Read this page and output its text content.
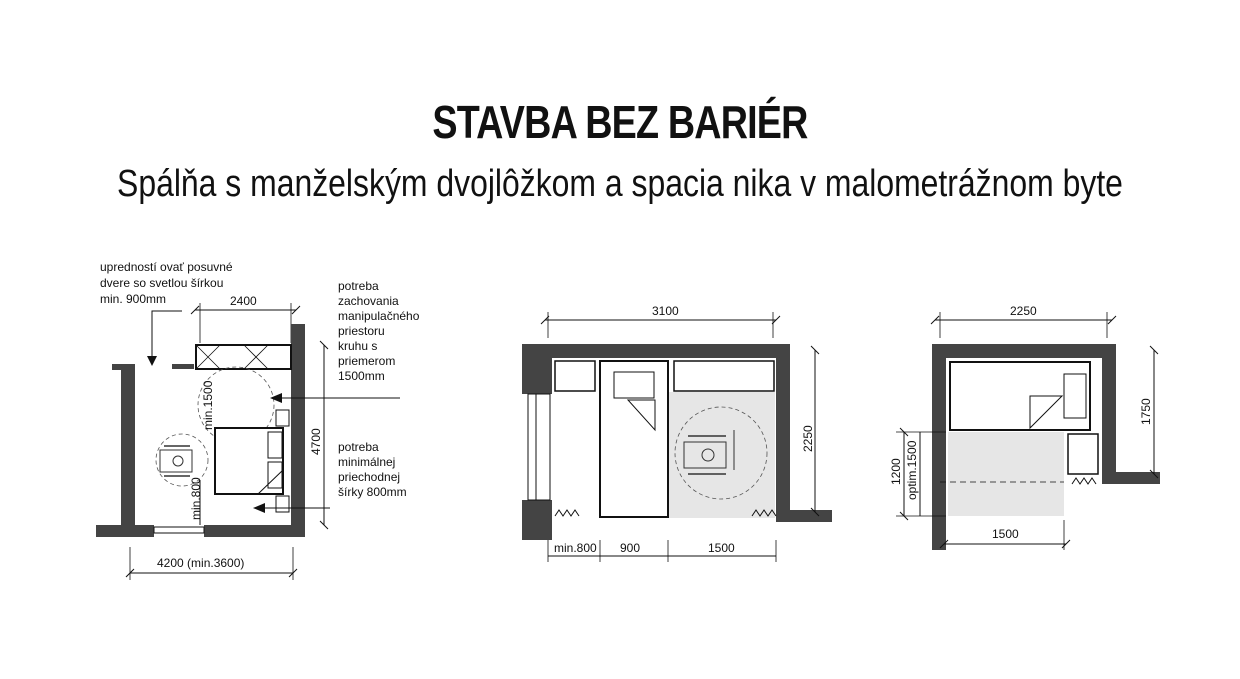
STAVBA BEZ BARIÉR
Spálňa s manželským dvojlôžkom a spacia nika v malometrážnom byte
upredností ovať posuvné
dvere so svetlou šírkou
min. 900mm
potreba
zachovania
manipulačného
priestoru
kruhu s
priemerom
1500mm
potreba
minimálnej
priechodnej
šírky 800mm
2400
min.1500
min.800
4700
4200 (min.3600)
3100
2250
min.800 900	1500
2250
1750
1200 optim.1500
1500
